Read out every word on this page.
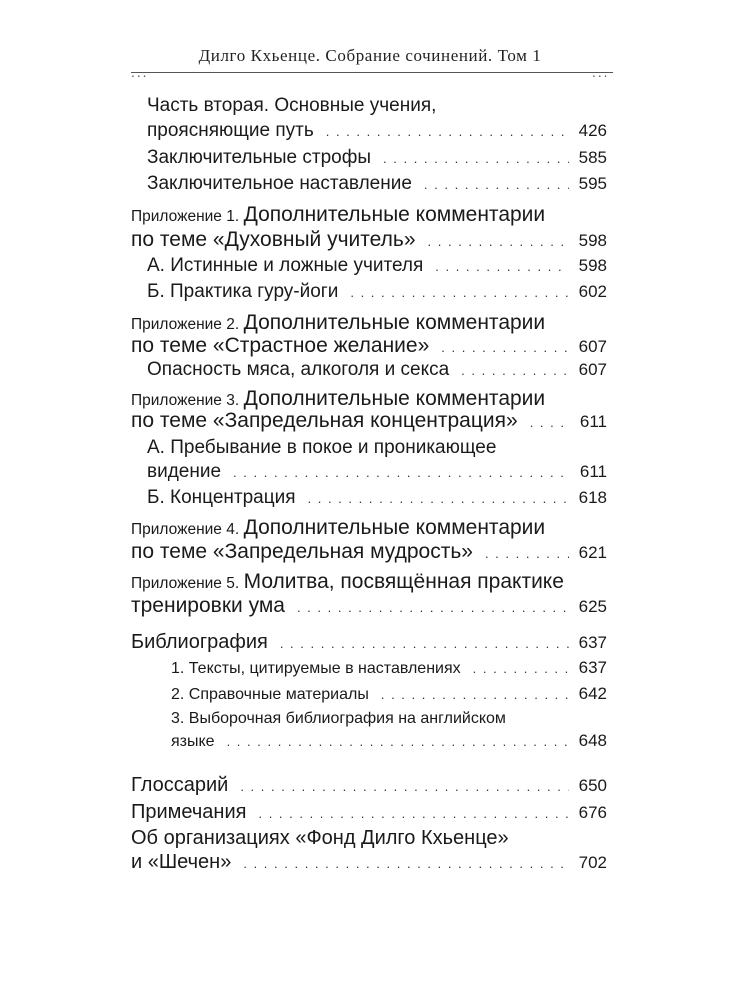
Дилго Кхьенце. Собрание сочинений. Том 1
...	...
Часть вторая. Основные учения,
проясняющие путь . . .	426
Заключительные строфы . . .	585
Заключительное наставление . . .	595
Приложение 1. Дополнительные комментарии
по теме «Духовный учитель» . . .	598
А. Истинные и ложные учителя . . .	598
Б. Практика гуру-йоги . . .	602
Приложение 2. Дополнительные комментарии
по теме «Страстное желание» . . .	607
Опасность мяса, алкоголя и секса . . .	607
Приложение 3. Дополнительные комментарии
по теме «Запредельная концентрация» . . .	611
А. Пребывание в покое и проникающее
видение . . .	611
Б. Концентрация . . .	618
Приложение 4. Дополнительные комментарии
по теме «Запредельная мудрость» . . .	621
Приложение 5. Молитва, посвящённая практике
тренировки ума . . .	625
Библиография . . .	637
1. Тексты, цитируемые в наставлениях . . .	637
2. Справочные материалы . . .	642
3. Выборочная библиография на английском
языке . . .	648
Глоссарий . . .	650
Примечания . . .	676
Об организациях «Фонд Дилго Кхьенце»
и «Шечен» . . .	702
